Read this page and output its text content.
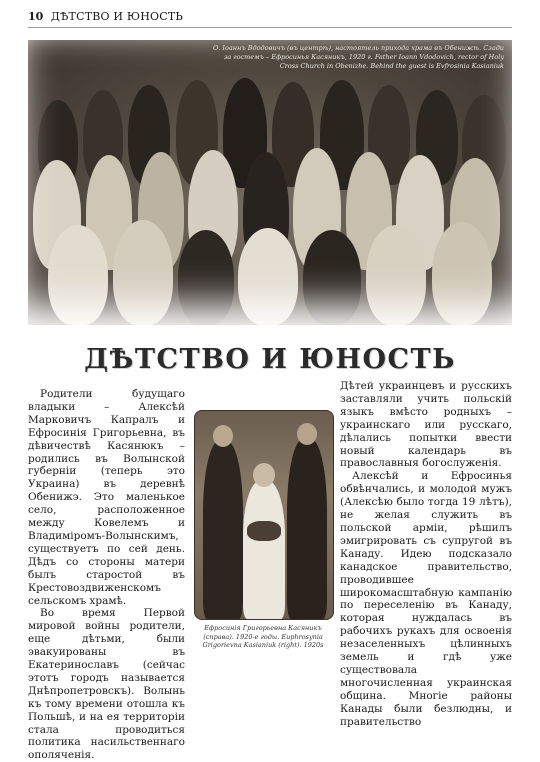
10 ДѢТСТВО И ЮНОСТЬ
О. Іоаннъ Вдодовичъ (въ центрѣ), настоятель прихода храма въ Обенижѣ. Сзади за гостемъ – Ефросинья Касяникъ, 1920 г. Father Ioann Vdodovich, rector of Holy Cross Church in Obenizhe. Behind the guest is Evfrosinia Kasianiuk
ДѢТСТВО И ЮНОСТЬ

Родители будущаго владыки – Алексѣй Марковичъ Капралъ и Ефросинія Григорьевна, въ дѣвичествѣ Касянюкъ – родились въ Волынской губерніи (теперь это Украина) въ деревнѣ Обенижэ. Это маленькое село, расположенное между Ковелемъ и Владиміромъ-Волынскимъ, существуетъ по сей день. Дѣдъ со стороны матери былъ старостой въ Крестовоздвиженскомъ сельскомъ храмѣ.

Во время Первой мировой войны родители, еще дѣтьми, были эвакуированы въ Екатеринославъ (сейчас этотъ городъ называется Днѣпропетровскъ). Волынь къ тому времени отошла къ Польшѣ, и на ея территоріи стала проводиться политика насильственнаго ополяченія.

Ефросинія Григорьевна Касяникъ (справа). 1920-е годы. Euphrosynia Grigorievna Kasianiuk (right). 1920s

Дѣтей украинцевъ и русскихъ заставляли учить польскій языкъ вмѣсто родныхъ – украинскаго или русскаго, дѣлались попытки ввести новый календарь въ православныя богослуженія.

Алексѣй и Ефросинья обвѣнчались, и молодой мужъ (Алексѣю было тогда 19 лѣтъ), не желая служить въ польской арміи, рѣшилъ эмигрировать съ супругой въ Канаду. Идею подсказало канадское правительство, проводившее широкомасштабную кампанію по переселенію въ Канаду, которая нуждалась въ рабочихъ рукахъ для освоенія незаселенныхъ цѣлинныхъ земель и гдѣ уже существовала многочисленная украинская община. Многіе районы Канады были безлюдны, и правительство
